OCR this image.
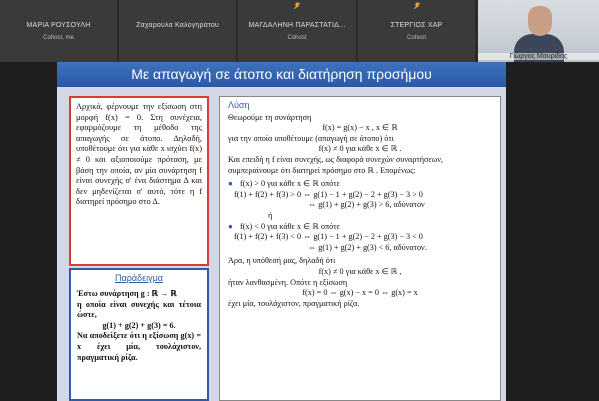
ΜΑΡΙΑ ΡΟΥΣΟΥΛΗ
Cohost, me
Ζαχαρούλα Καλογηράτου	ΜΑΓΔΑΛΗΝΗ ΠΑΡΑΣΤΑΤΙΔ...
Cohost
ΣΤΕΡΓΙΟΣ ΧΑΡ
Cohost
Γιώργος Μαυρίδης
Με απαγωγή σε άτοπο και διατήρηση προσήμου
Αρχικά, φέρνουμε την εξίσωση στη μορφή f(x) = 0. Στη συνέχεια, εφαρμόζουμε τη μέθοδο της απαγωγής σε άτοπο. Δηλαδή, υποθέτουμε ότι για κάθε x ισχύει f(x) ≠ 0 και αξιοποιούμε πρόταση, με βάση την οποία, αν μία συνάρτηση f είναι συνεχής σ' ένα διάστημα Δ και δεν μηδενίζεται σ' αυτό, τότε η f διατηρεί πρόσημο στο Δ.
Παράδειγμα
Έστω συνάρτηση g : ℝ → ℝ
η οποία είναι συνεχής και τέτοια ώστε,
g(1) + g(2) + g(3) = 6.
Να αποδείξετε ότι η εξίσωση g(x) = x έχει μία, τουλάχιστον, πραγματική ρίζα.
Λύση
Θεωρούμε τη συνάρτηση
f(x) = g(x) − x , x ∈ ℝ
για την οποία υποθέτουμε (απαγωγή σε άτοπο) ότι
f(x) ≠ 0 για κάθε x ∈ ℝ .
Και επειδή η f είναι συνεχής, ως διαφορά συνεχών συναρτήσεων,
συμπεραίνουμε ότι διατηρεί πρόσημο στο ℝ . Επομένως:
● f(x) > 0 για κάθε x ∈ ℝ οπότε
f(1) + f(2) + f(3) > 0 ⇔ g(1) − 1 + g(2) − 2 + g(3) − 3 > 0
⇔ g(1) + g(2) + g(3) > 6, αδύνατον
ή
● f(x) < 0 για κάθε x ∈ ℝ οπότε
f(1) + f(2) + f(3) < 0 ⇔ g(1) − 1 + g(2) − 2 + g(3) − 3 < 0
⇔ g(1) + g(2) + g(3) < 6, αδύνατον.
Άρα, η υπόθεσή μας, δηλαδή ότι
f(x) ≠ 0 για κάθε x ∈ ℝ ,
ήταν λανθασμένη. Οπότε η εξίσωση
f(x) = 0 ⇔ g(x) − x = 0 ⇔ g(x) = x
έχει μία, τουλάχιστον, πραγματική ρίζα.
